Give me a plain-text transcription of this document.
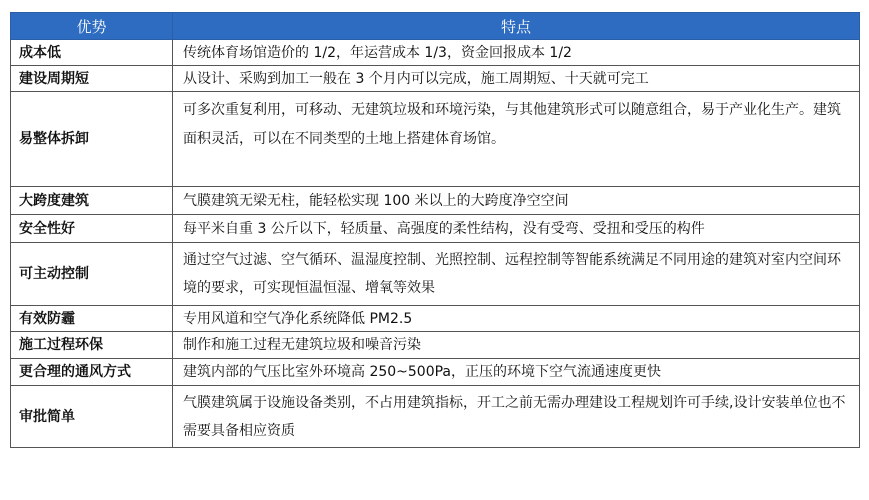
优势	特点
成本低	传统体育场馆造价的 1/2，年运营成本 1/3，资金回报成本 1/2
建设周期短	从设计、采购到加工一般在 3 个月内可以完成，施工周期短、十天就可完工
易整体拆卸	可多次重复利用，可移动、无建筑垃圾和环境污染，与其他建筑形式可以随意组合，易于产业化生产。建筑面积灵活，可以在不同类型的土地上搭建体育场馆。
大跨度建筑	气膜建筑无梁无柱，能轻松实现 100 米以上的大跨度净空空间
安全性好	每平米自重 3 公斤以下，轻质量、高强度的柔性结构，没有受弯、受扭和受压的构件
可主动控制	通过空气过滤、空气循环、温湿度控制、光照控制、远程控制等智能系统满足不同用途的建筑对室内空间环境的要求，可实现恒温恒湿、增氧等效果
有效防霾	专用风道和空气净化系统降低 PM2.5
施工过程环保	制作和施工过程无建筑垃圾和噪音污染
更合理的通风方式	建筑内部的气压比室外环境高 250~500Pa，正压的环境下空气流通速度更快
审批简单	气膜建筑属于设施设备类别，不占用建筑指标，开工之前无需办理建设工程规划许可手续,设计安装单位也不需要具备相应资质
